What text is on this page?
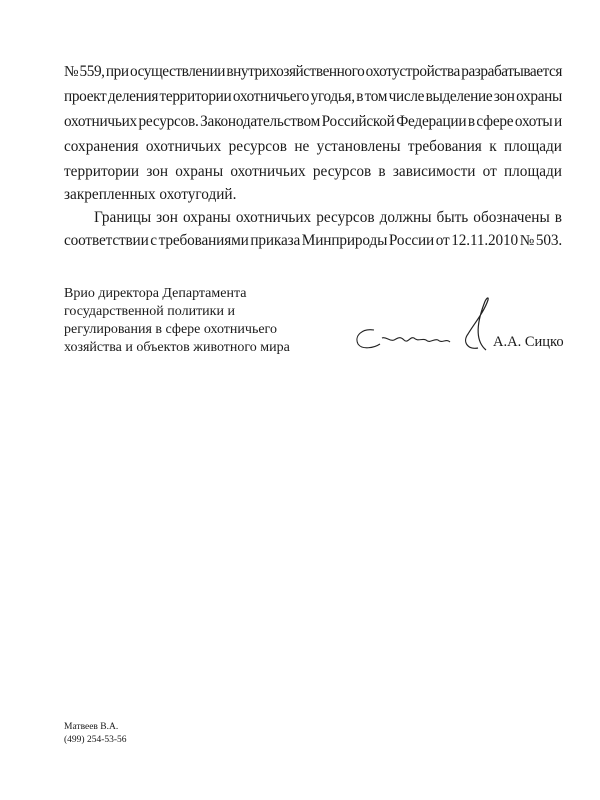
№ 559, при осуществлении внутрихозяйственного охотустройства разрабатывается
проект деления территории охотничьего угодья, в том числе выделение зон охраны
охотничьих ресурсов. Законодательством Российской Федерации в сфере охоты и
сохранения охотничьих ресурсов не установлены требования к площади
территории зон охраны охотничьих ресурсов в зависимости от площади
закрепленных охотугодий.
Границы зон охраны охотничьих ресурсов должны быть обозначены в
соответствии с требованиями приказа Минприроды России от 12.11.2010 № 503.
Врио директора Департамента
государственной политики и
регулирования в сфере охотничьего
хозяйства и объектов животного мира	А.А. Сицко
Матвеев В.А.
(499) 254-53-56
